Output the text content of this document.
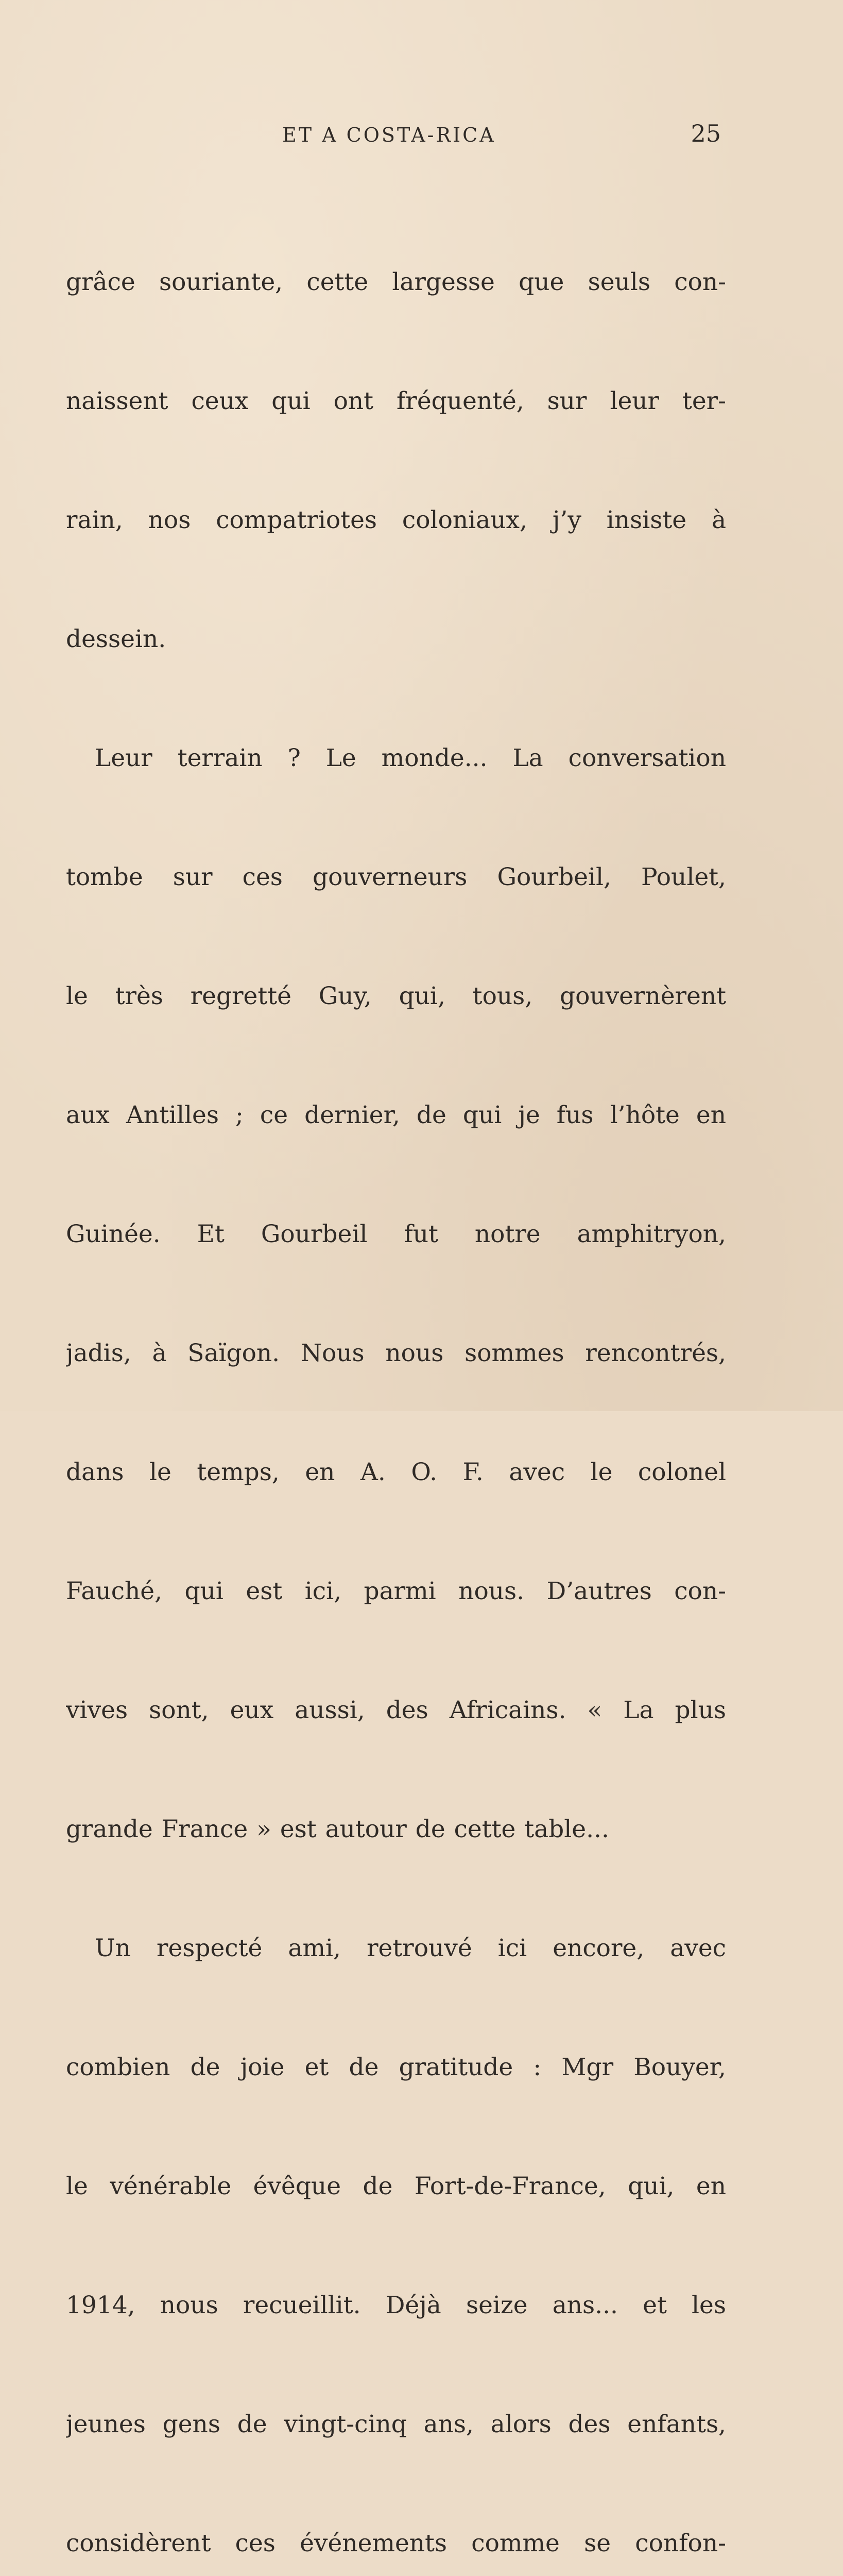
ET A COSTA-RICA	25

grâce souriante, cette largesse que seuls con-

naissent ceux qui ont fréquenté, sur leur ter-

rain, nos compatriotes coloniaux, j’y insiste à

dessein.

Leur terrain ? Le monde... La conversation

tombe sur ces gouverneurs Gourbeil, Poulet,

le très regretté Guy, qui, tous, gouvernèrent

aux Antilles ; ce dernier, de qui je fus l’hôte en

Guinée. Et Gourbeil fut notre amphitryon,

jadis, à Saïgon. Nous nous sommes rencontrés,

dans le temps, en A. O. F. avec le colonel

Fauché, qui est ici, parmi nous. D’autres con-

vives sont, eux aussi, des Africains. « La plus

grande France » est autour de cette table...

Un respecté ami, retrouvé ici encore, avec

combien de joie et de gratitude : Mgr Bouyer,

le vénérable évêque de Fort-de-France, qui, en

1914, nous recueillit. Déjà seize ans... et les

jeunes gens de vingt-cinq ans, alors des enfants,

considèrent ces événements comme se confon-
